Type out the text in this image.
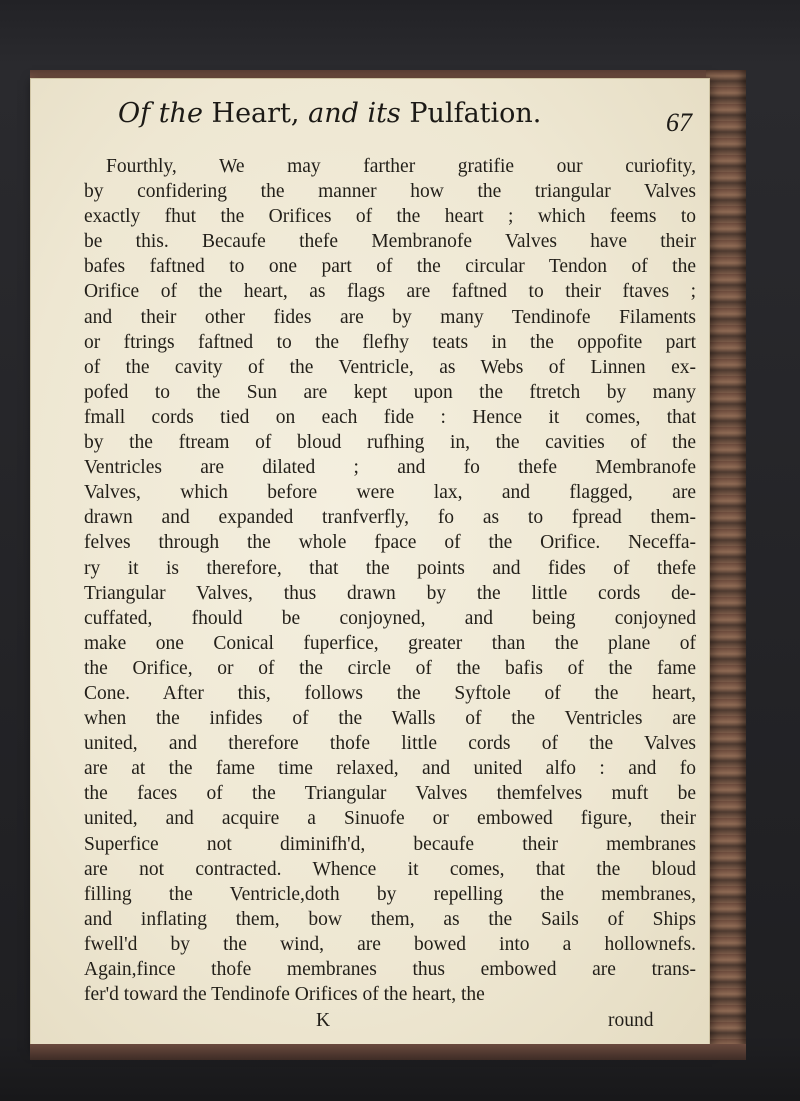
Of the Heart, and its Pulfation.	67
Fourthly, We may farther gratifie our curiofity,
by confidering the manner how the triangular Valves
exactly fhut the Orifices of the heart ; which feems to
be this. Becaufe thefe Membranofe Valves have their
bafes faftned to one part of the circular Tendon of the
Orifice of the heart, as flags are faftned to their ftaves ;
and their other fides are by many Tendinofe Filaments
or ftrings faftned to the flefhy teats in the oppofite part
of the cavity of the Ventricle, as Webs of Linnen ex-
pofed to the Sun are kept upon the ftretch by many
fmall cords tied on each fide : Hence it comes, that
by the ftream of bloud rufhing in, the cavities of the
Ventricles are dilated ; and fo thefe Membranofe
Valves, which before were lax, and flagged, are
drawn and expanded tranfverfly, fo as to fpread them-
felves through the whole fpace of the Orifice. Neceffa-
ry it is therefore, that the points and fides of thefe
Triangular Valves, thus drawn by the little cords de-
cuffated, fhould be conjoyned, and being conjoyned
make one Conical fuperfice, greater than the plane of
the Orifice, or of the circle of the bafis of the fame
Cone. After this, follows the Syftole of the heart,
when the infides of the Walls of the Ventricles are
united, and therefore thofe little cords of the Valves
are at the fame time relaxed, and united alfo : and fo
the faces of the Triangular Valves themfelves muft be
united, and acquire a Sinuofe or embowed figure, their
Superfice not diminifh'd, becaufe their membranes
are not contracted. Whence it comes, that the bloud
filling the Ventricle,doth by repelling the membranes,
and inflating them, bow them, as the Sails of Ships
fwell'd by the wind, are bowed into a hollownefs.
Again,fince thofe membranes thus embowed are trans-
fer'd toward the Tendinofe Orifices of the heart, the
K	round
